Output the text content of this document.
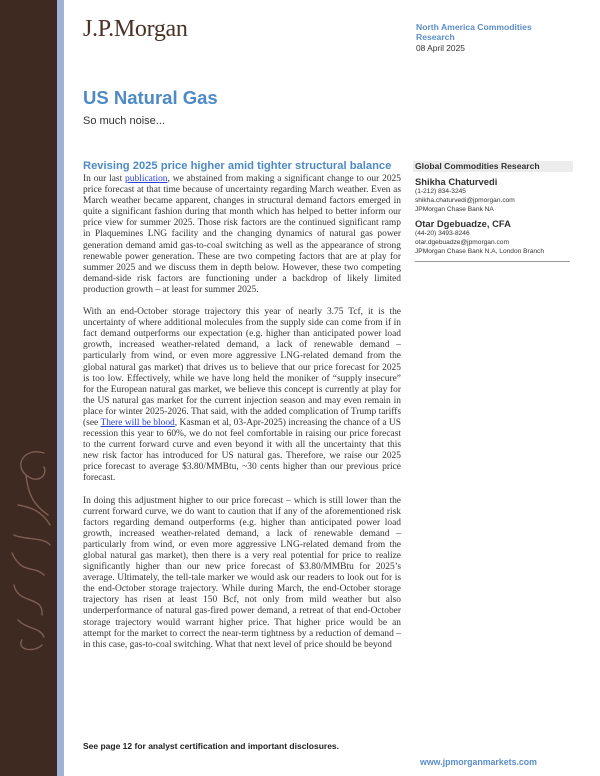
J.P.Morgan	North America Commodities
Research
08 April 2025
US Natural Gas
So much noise...
Revising 2025 price higher amid tighter structural balance

In our last publication, we abstained from making a significant change to our 2025 price forecast at that time because of uncertainty regarding March weather. Even as March weather became apparent, changes in structural demand factors emerged in quite a significant fashion during that month which has helped to better inform our price view for summer 2025. Those risk factors are the continued significant ramp in Plaquemines LNG facility and the changing dynamics of natural gas power generation demand amid gas-to-coal switching as well as the appearance of strong renewable power generation. These are two competing factors that are at play for summer 2025 and we discuss them in depth below. However, these two competing demand-side risk factors are functioning under a backdrop of likely limited production growth – at least for summer 2025.

With an end-October storage trajectory this year of nearly 3.75 Tcf, it is the uncertainty of where additional molecules from the supply side can come from if in fact demand outperforms our expectation (e.g. higher than anticipated power load growth, increased weather-related demand, a lack of renewable demand – particularly from wind, or even more aggressive LNG-related demand from the global natural gas market) that drives us to believe that our price forecast for 2025 is too low. Effectively, while we have long held the moniker of “supply insecure” for the European natural gas market, we believe this concept is currently at play for the US natural gas market for the current injection season and may even remain in place for winter 2025-2026. That said, with the added complication of Trump tariffs (see There will be blood, Kasman et al, 03-Apr-2025) increasing the chance of a US recession this year to 60%, we do not feel comfortable in raising our price forecast to the current forward curve and even beyond it with all the uncertainty that this new risk factor has introduced for US natural gas. Therefore, we raise our 2025 price forecast to average $3.80/MMBtu, ~30 cents higher than our previous price forecast.

In doing this adjustment higher to our price forecast – which is still lower than the current forward curve, we do want to caution that if any of the aforementioned risk factors regarding demand outperforms (e.g. higher than anticipated power load growth, increased weather-related demand, a lack of renewable demand – particularly from wind, or even more aggressive LNG-related demand from the global natural gas market), then there is a very real potential for price to realize significantly higher than our new price forecast of $3.80/MMBtu for 2025’s average. Ultimately, the tell-tale marker we would ask our readers to look out for is the end-October storage trajectory. While during March, the end-October storage trajectory has risen at least 150 Bcf, not only from mild weather but also underperformance of natural gas-fired power demand, a retreat of that end-October storage trajectory would warrant higher price. That higher price would be an attempt for the market to correct the near-term tightness by a reduction of demand – in this case, gas-to-coal switching. What that next level of price should be beyond

Global Commodities Research
Shikha Chaturvedi
(1-212) 834-3245
shikha.chaturvedi@jpmorgan.com
JPMorgan Chase Bank NA
Otar Dgebuadze, CFA
(44-20) 3493-8246
otar.dgebuadze@jpmorgan.com
JPMorgan Chase Bank N.A, London Branch
See page 12 for analyst certification and important disclosures.
www.jpmorganmarkets.com
